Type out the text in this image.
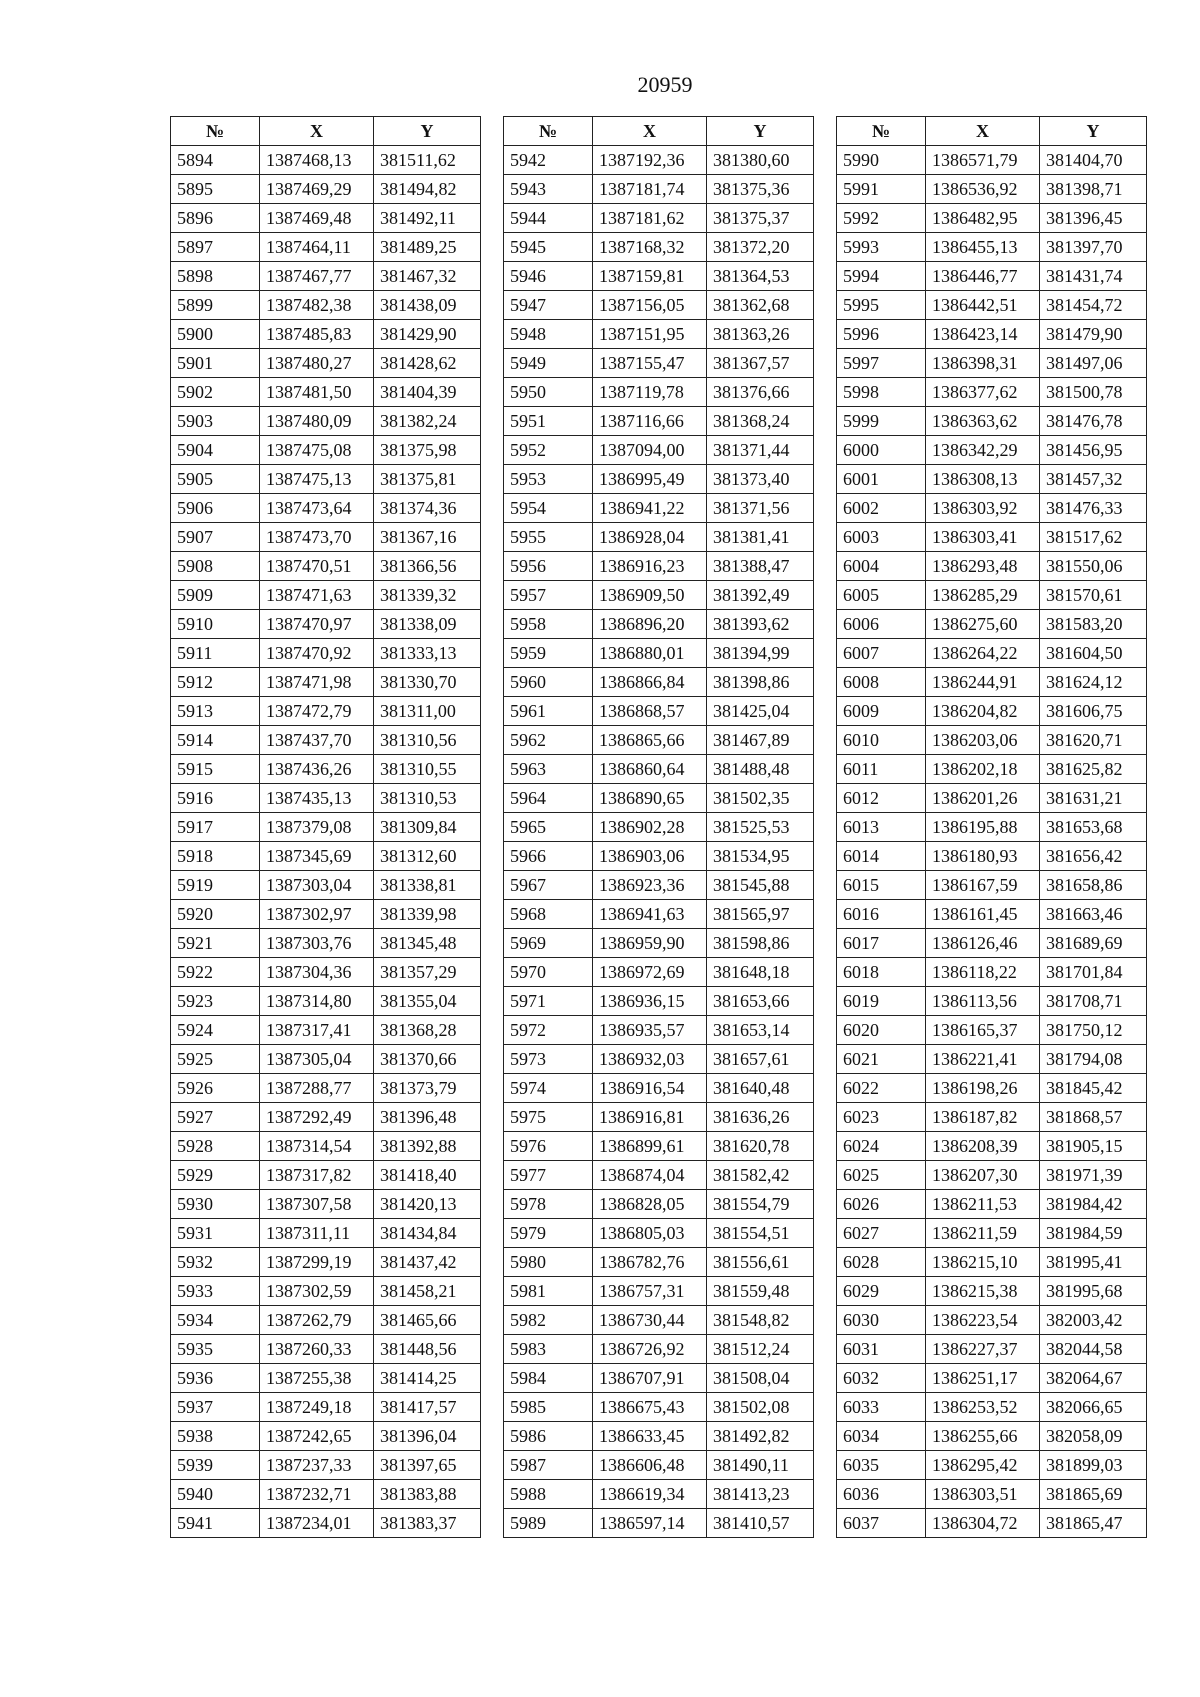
20959
№	X	Y
5894	1387468,13	381511,62
5895	1387469,29	381494,82
5896	1387469,48	381492,11
5897	1387464,11	381489,25
5898	1387467,77	381467,32
5899	1387482,38	381438,09
5900	1387485,83	381429,90
5901	1387480,27	381428,62
5902	1387481,50	381404,39
5903	1387480,09	381382,24
5904	1387475,08	381375,98
5905	1387475,13	381375,81
5906	1387473,64	381374,36
5907	1387473,70	381367,16
5908	1387470,51	381366,56
5909	1387471,63	381339,32
5910	1387470,97	381338,09
5911	1387470,92	381333,13
5912	1387471,98	381330,70
5913	1387472,79	381311,00
5914	1387437,70	381310,56
5915	1387436,26	381310,55
5916	1387435,13	381310,53
5917	1387379,08	381309,84
5918	1387345,69	381312,60
5919	1387303,04	381338,81
5920	1387302,97	381339,98
5921	1387303,76	381345,48
5922	1387304,36	381357,29
5923	1387314,80	381355,04
5924	1387317,41	381368,28
5925	1387305,04	381370,66
5926	1387288,77	381373,79
5927	1387292,49	381396,48
5928	1387314,54	381392,88
5929	1387317,82	381418,40
5930	1387307,58	381420,13
5931	1387311,11	381434,84
5932	1387299,19	381437,42
5933	1387302,59	381458,21
5934	1387262,79	381465,66
5935	1387260,33	381448,56
5936	1387255,38	381414,25
5937	1387249,18	381417,57
5938	1387242,65	381396,04
5939	1387237,33	381397,65
5940	1387232,71	381383,88
5941	1387234,01	381383,37
№	X	Y
5942	1387192,36	381380,60
5943	1387181,74	381375,36
5944	1387181,62	381375,37
5945	1387168,32	381372,20
5946	1387159,81	381364,53
5947	1387156,05	381362,68
5948	1387151,95	381363,26
5949	1387155,47	381367,57
5950	1387119,78	381376,66
5951	1387116,66	381368,24
5952	1387094,00	381371,44
5953	1386995,49	381373,40
5954	1386941,22	381371,56
5955	1386928,04	381381,41
5956	1386916,23	381388,47
5957	1386909,50	381392,49
5958	1386896,20	381393,62
5959	1386880,01	381394,99
5960	1386866,84	381398,86
5961	1386868,57	381425,04
5962	1386865,66	381467,89
5963	1386860,64	381488,48
5964	1386890,65	381502,35
5965	1386902,28	381525,53
5966	1386903,06	381534,95
5967	1386923,36	381545,88
5968	1386941,63	381565,97
5969	1386959,90	381598,86
5970	1386972,69	381648,18
5971	1386936,15	381653,66
5972	1386935,57	381653,14
5973	1386932,03	381657,61
5974	1386916,54	381640,48
5975	1386916,81	381636,26
5976	1386899,61	381620,78
5977	1386874,04	381582,42
5978	1386828,05	381554,79
5979	1386805,03	381554,51
5980	1386782,76	381556,61
5981	1386757,31	381559,48
5982	1386730,44	381548,82
5983	1386726,92	381512,24
5984	1386707,91	381508,04
5985	1386675,43	381502,08
5986	1386633,45	381492,82
5987	1386606,48	381490,11
5988	1386619,34	381413,23
5989	1386597,14	381410,57
№	X	Y
5990	1386571,79	381404,70
5991	1386536,92	381398,71
5992	1386482,95	381396,45
5993	1386455,13	381397,70
5994	1386446,77	381431,74
5995	1386442,51	381454,72
5996	1386423,14	381479,90
5997	1386398,31	381497,06
5998	1386377,62	381500,78
5999	1386363,62	381476,78
6000	1386342,29	381456,95
6001	1386308,13	381457,32
6002	1386303,92	381476,33
6003	1386303,41	381517,62
6004	1386293,48	381550,06
6005	1386285,29	381570,61
6006	1386275,60	381583,20
6007	1386264,22	381604,50
6008	1386244,91	381624,12
6009	1386204,82	381606,75
6010	1386203,06	381620,71
6011	1386202,18	381625,82
6012	1386201,26	381631,21
6013	1386195,88	381653,68
6014	1386180,93	381656,42
6015	1386167,59	381658,86
6016	1386161,45	381663,46
6017	1386126,46	381689,69
6018	1386118,22	381701,84
6019	1386113,56	381708,71
6020	1386165,37	381750,12
6021	1386221,41	381794,08
6022	1386198,26	381845,42
6023	1386187,82	381868,57
6024	1386208,39	381905,15
6025	1386207,30	381971,39
6026	1386211,53	381984,42
6027	1386211,59	381984,59
6028	1386215,10	381995,41
6029	1386215,38	381995,68
6030	1386223,54	382003,42
6031	1386227,37	382044,58
6032	1386251,17	382064,67
6033	1386253,52	382066,65
6034	1386255,66	382058,09
6035	1386295,42	381899,03
6036	1386303,51	381865,69
6037	1386304,72	381865,47
